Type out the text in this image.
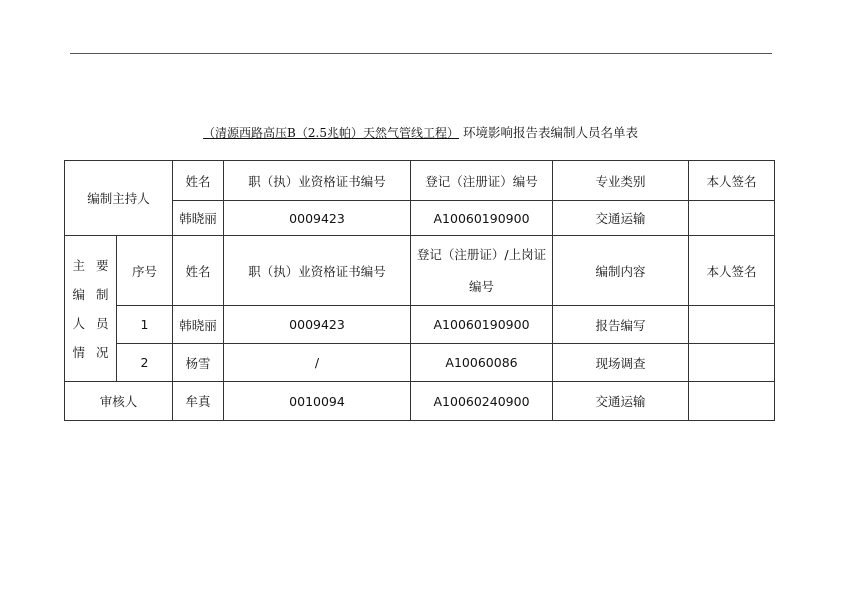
（清源西路高压B（2.5兆帕）天然气管线工程） 环境影响报告表编制人员名单表
编制主持人		姓名	职（执）业资格证书编号	登记（注册证）编号	专业类别	本人签名
		韩晓丽	0009423	A10060190900	交通运输	

主 要
编 制
人 员
情况	序号	姓名	职（执）业资格证书编号	登记（注册证）/上岗证编号	编制内容	本人签名
	1	韩晓丽	0009423	A10060190900	报告编写	
	2	杨雪	/	A10060086	现场调查	
审核人		牟真	0010094	A10060240900	交通运输	
